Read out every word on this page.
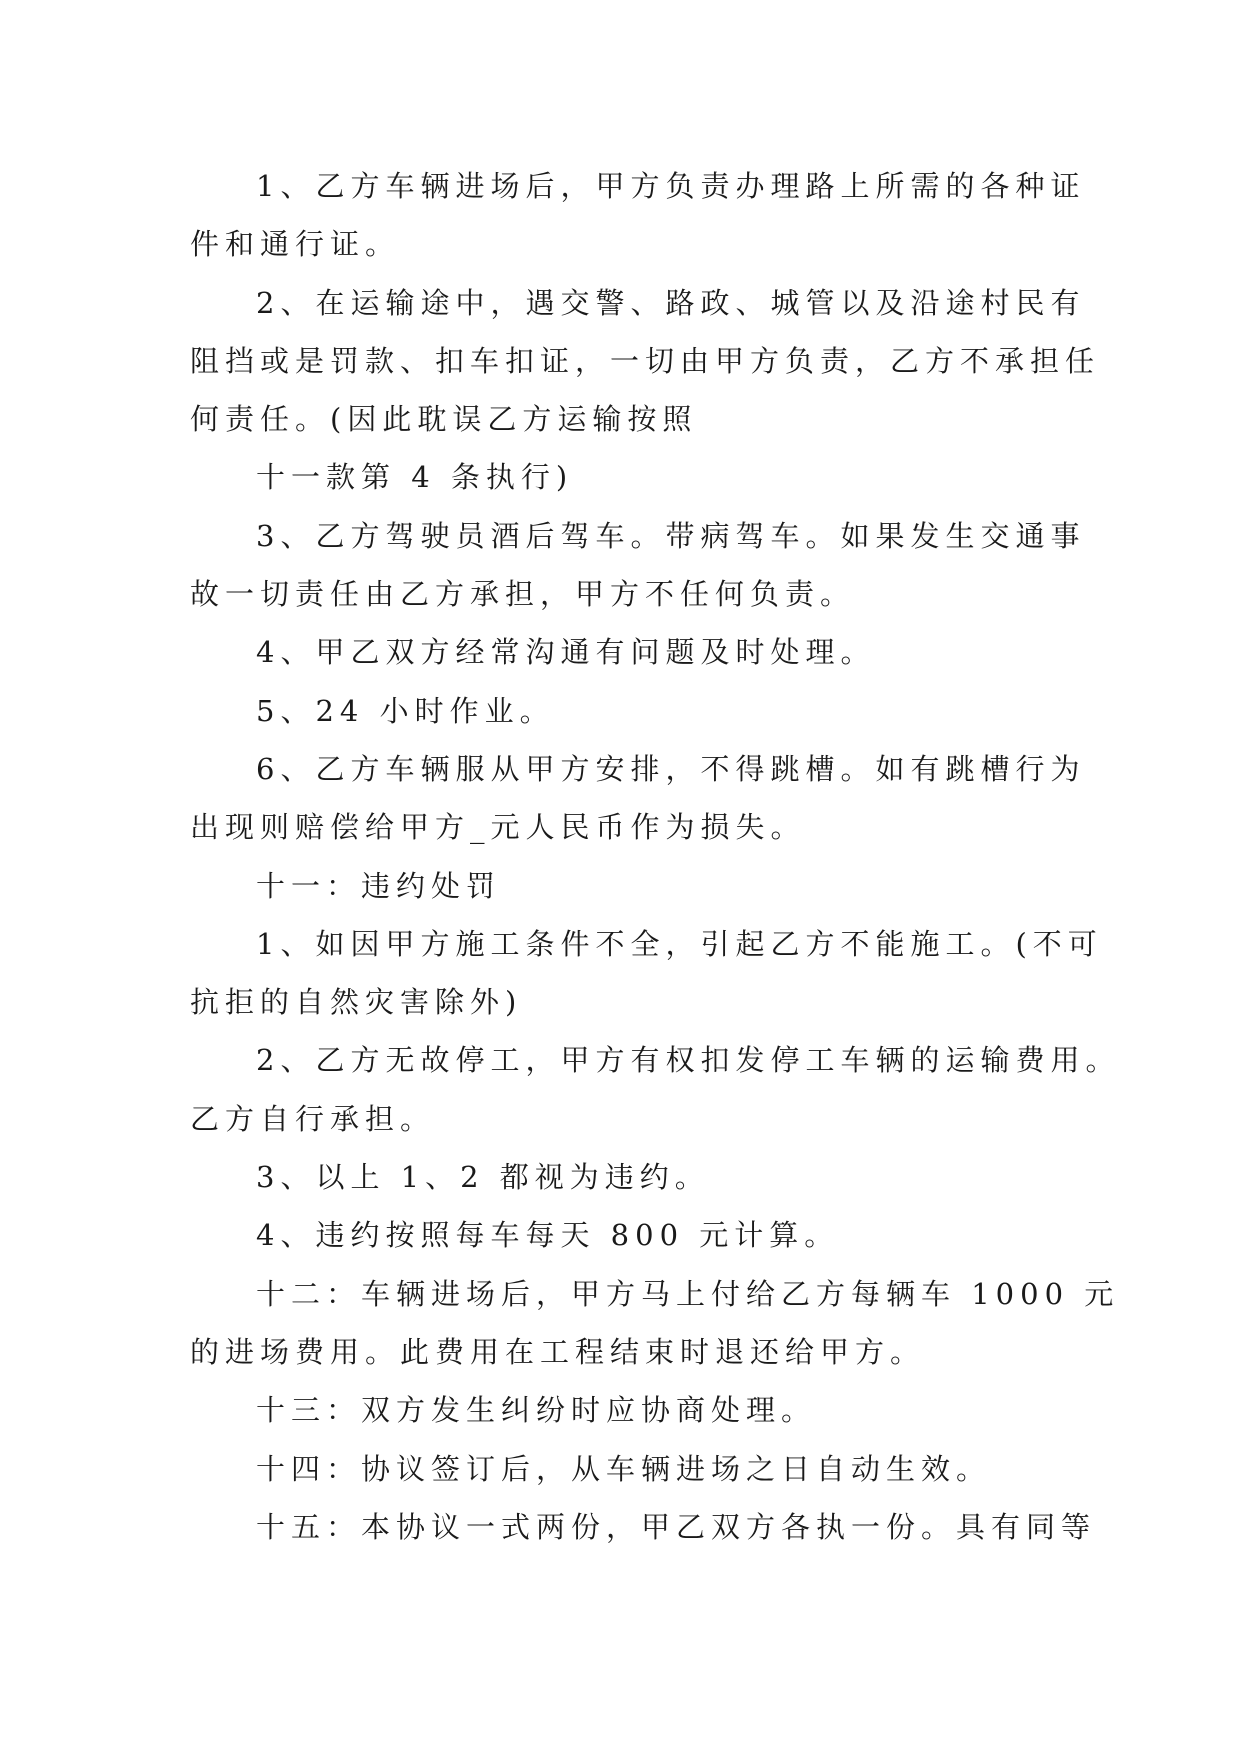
1、乙方车辆进场后，甲方负责办理路上所需的各种证

件和通行证。

2、在运输途中，遇交警、路政、城管以及沿途村民有

阻挡或是罚款、扣车扣证，一切由甲方负责，乙方不承担任

何责任。(因此耽误乙方运输按照

十一款第 4 条执行)

3、乙方驾驶员酒后驾车。带病驾车。如果发生交通事

故一切责任由乙方承担，甲方不任何负责。

4、甲乙双方经常沟通有问题及时处理。

5、24 小时作业。

6、乙方车辆服从甲方安排，不得跳槽。如有跳槽行为

出现则赔偿给甲方_元人民币作为损失。

十一：违约处罚

1、如因甲方施工条件不全，引起乙方不能施工。(不可

抗拒的自然灾害除外)

2、乙方无故停工，甲方有权扣发停工车辆的运输费用。

乙方自行承担。

3、以上 1、2 都视为违约。

4、违约按照每车每天 800 元计算。

十二：车辆进场后，甲方马上付给乙方每辆车 1000 元

的进场费用。此费用在工程结束时退还给甲方。

十三：双方发生纠纷时应协商处理。

十四：协议签订后，从车辆进场之日自动生效。

十五：本协议一式两份，甲乙双方各执一份。具有同等
